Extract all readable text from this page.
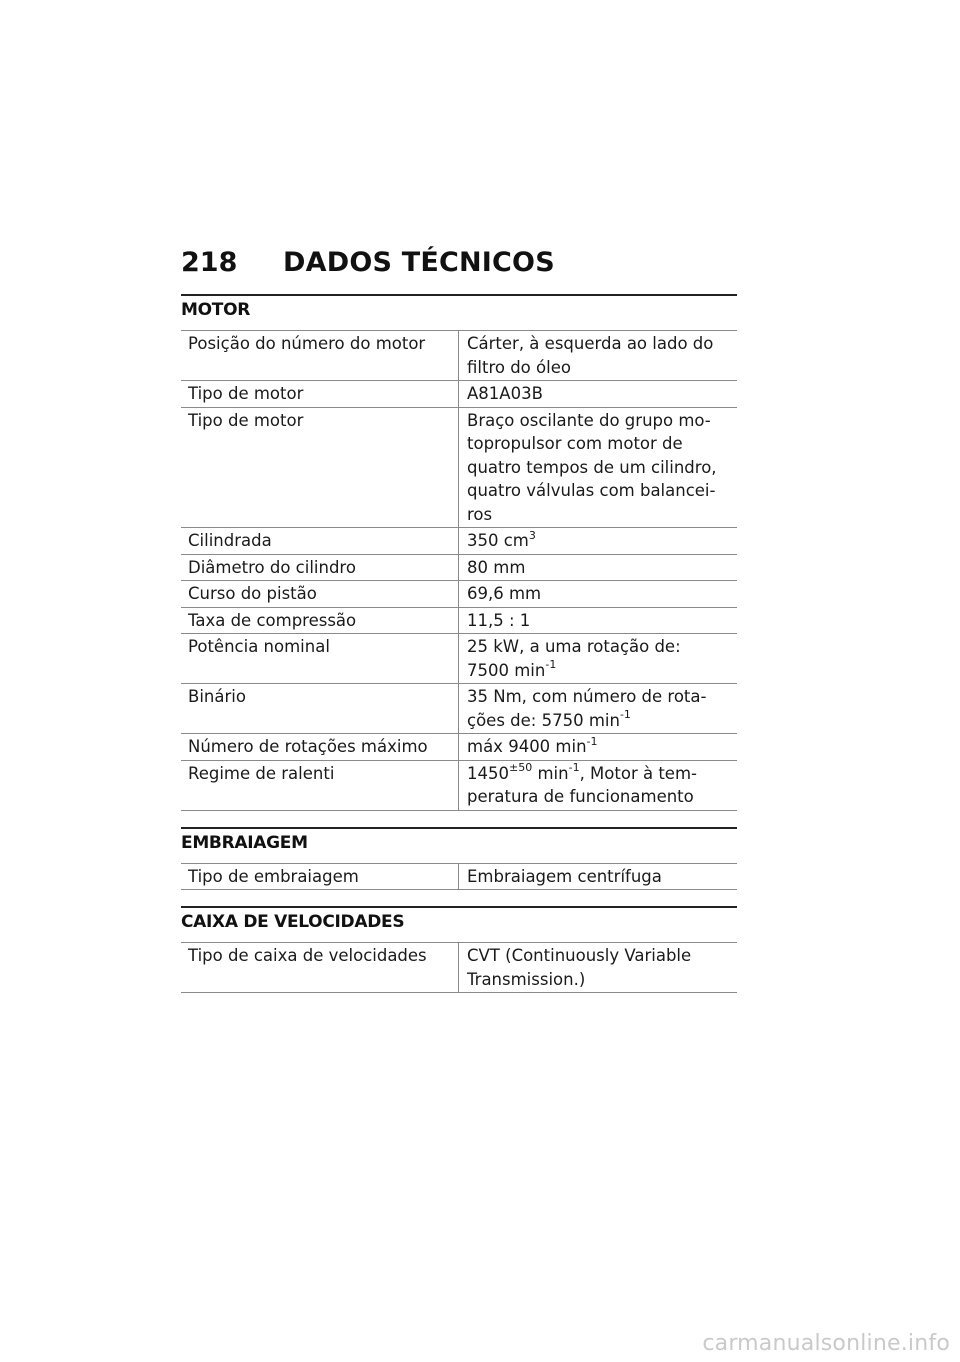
218 DADOS TÉCNICOS
MOTOR
Posição do número do motor	Cárter, à esquerda ao lado do
filtro do óleo
Tipo de motor	A81A03B
Tipo de motor	Braço oscilante do grupo mo-
topropulsor com motor de
quatro tempos de um cilindro,
quatro válvulas com balancei-
ros
Cilindrada	350 $cm^3$
Diâmetro do cilindro	80 mm
Curso do pistão	69,6 mm
Taxa de compressão	11,5 : 1
Potência nominal	25 kW, a uma rotação de:
7500 $\min^{-1}$
Binário	35 Nm, com número de rota-
ções de: 5750 $\min^{-1}$
Número de rotações máximo	máx 9400 $\min^{-1}$
Regime de ralenti	$1450^{\pm 50}$ $\min^{-1}$, Motor à tem-
peratura de funcionamento
EMBRAIAGEM
Tipo de embraiagem	Embraiagem centrífuga
CAIXA DE VELOCIDADES
Tipo de caixa de velocidades	CVT (Continuously Variable
Transmission.)
carmanualsonline.info
